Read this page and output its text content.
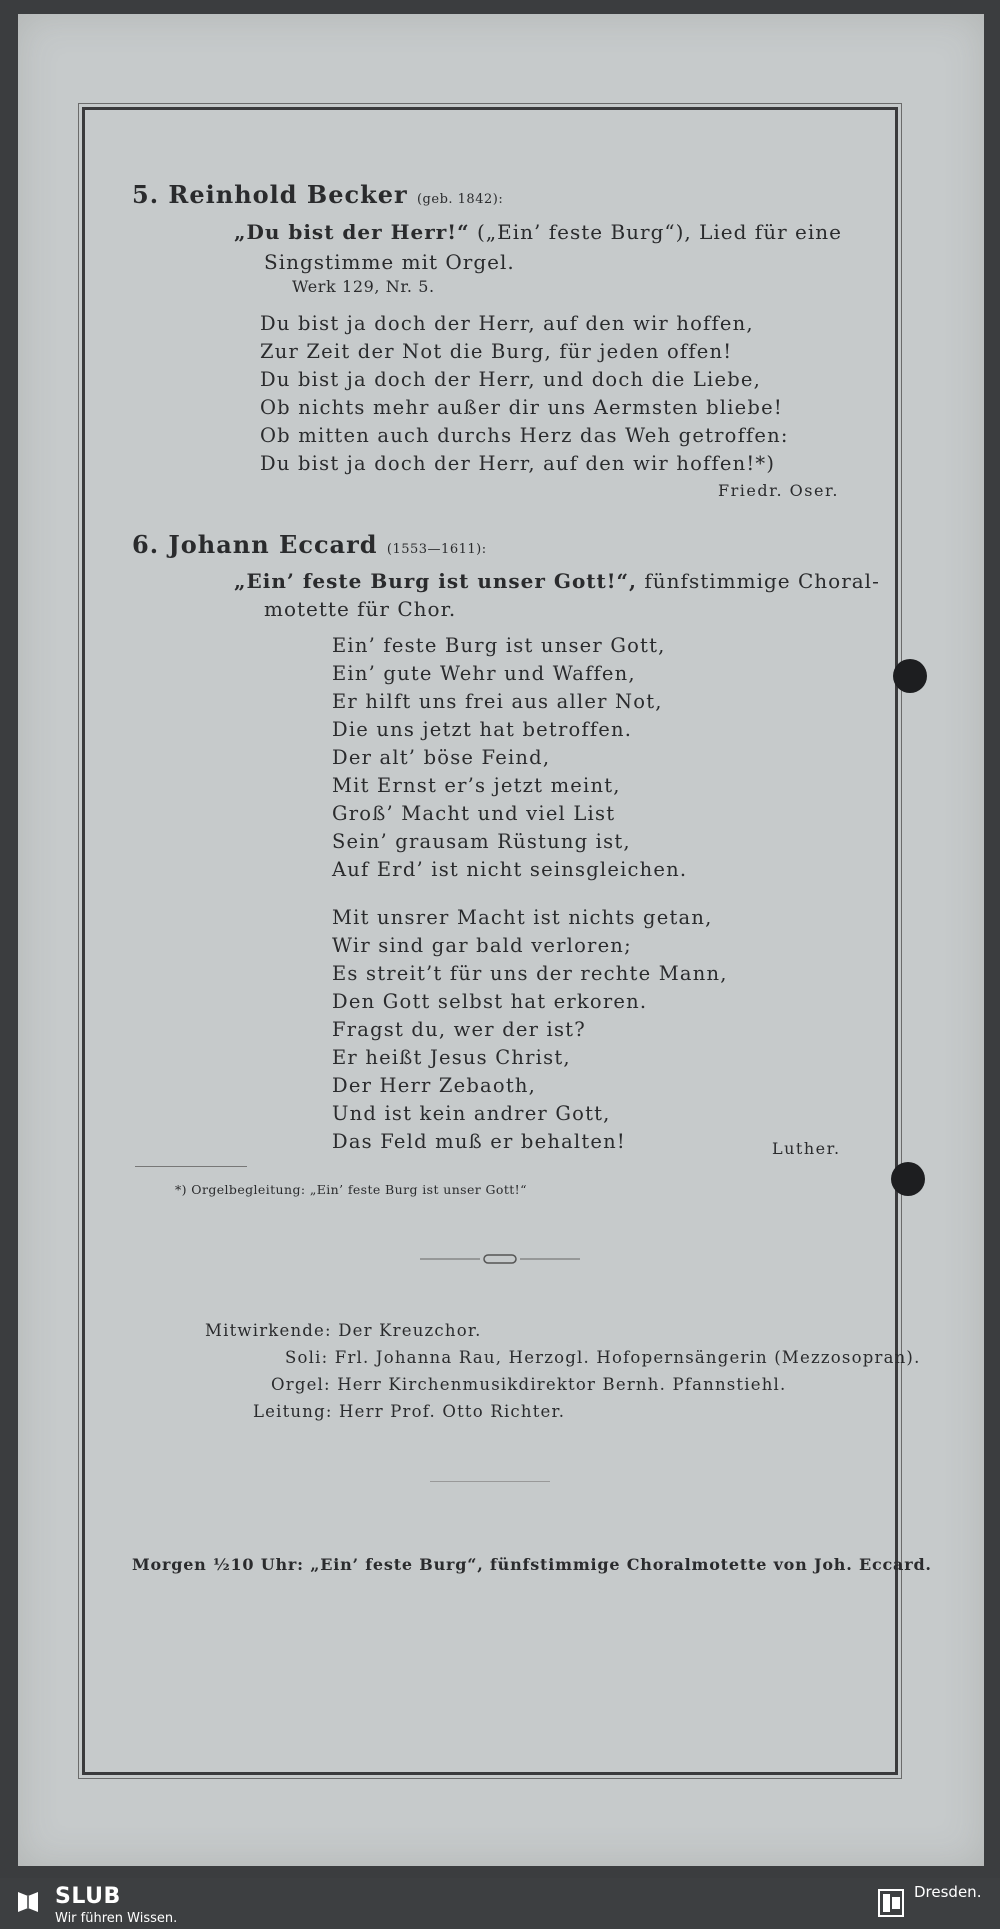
5. Reinhold Becker (geb. 1842):
„Du bist der Herr!“ („Ein’ feste Burg“), Lied für eine
Singstimme mit Orgel.
Werk 129, Nr. 5.
Du bist ja doch der Herr, auf den wir hoffen,
Zur Zeit der Not die Burg, für jeden offen!
Du bist ja doch der Herr, und doch die Liebe,
Ob nichts mehr außer dir uns Aermsten bliebe!
Ob mitten auch durchs Herz das Weh getroffen:
Du bist ja doch der Herr, auf den wir hoffen!*)
Friedr. Oser.
6. Johann Eccard (1553—1611):
„Ein’ feste Burg ist unser Gott!“, fünfstimmige Choral-
motette für Chor.
Ein’ feste Burg ist unser Gott,
Ein’ gute Wehr und Waffen,
Er hilft uns frei aus aller Not,
Die uns jetzt hat betroffen.
Der alt’ böse Feind,
Mit Ernst er’s jetzt meint,
Groß’ Macht und viel List
Sein’ grausam Rüstung ist,
Auf Erd’ ist nicht seinsgleichen.
Mit unsrer Macht ist nichts getan,
Wir sind gar bald verloren;
Es streit’t für uns der rechte Mann,
Den Gott selbst hat erkoren.
Fragst du, wer der ist?
Er heißt Jesus Christ,
Der Herr Zebaoth,
Und ist kein andrer Gott,
Das Feld muß er behalten!	Luther.
*) Orgelbegleitung: „Ein’ feste Burg ist unser Gott!“
Mitwirkende: Der Kreuzchor.
Soli: Frl. Johanna Rau, Herzogl. Hofopernsängerin (Mezzosopran).
Orgel: Herr Kirchenmusikdirektor Bernh. Pfannstiehl.
Leitung: Herr Prof. Otto Richter.
Morgen ½10 Uhr: „Ein’ feste Burg“, fünfstimmige Choralmotette von Joh. Eccard.
SLUB
Wir führen Wissen.
Dresden.
